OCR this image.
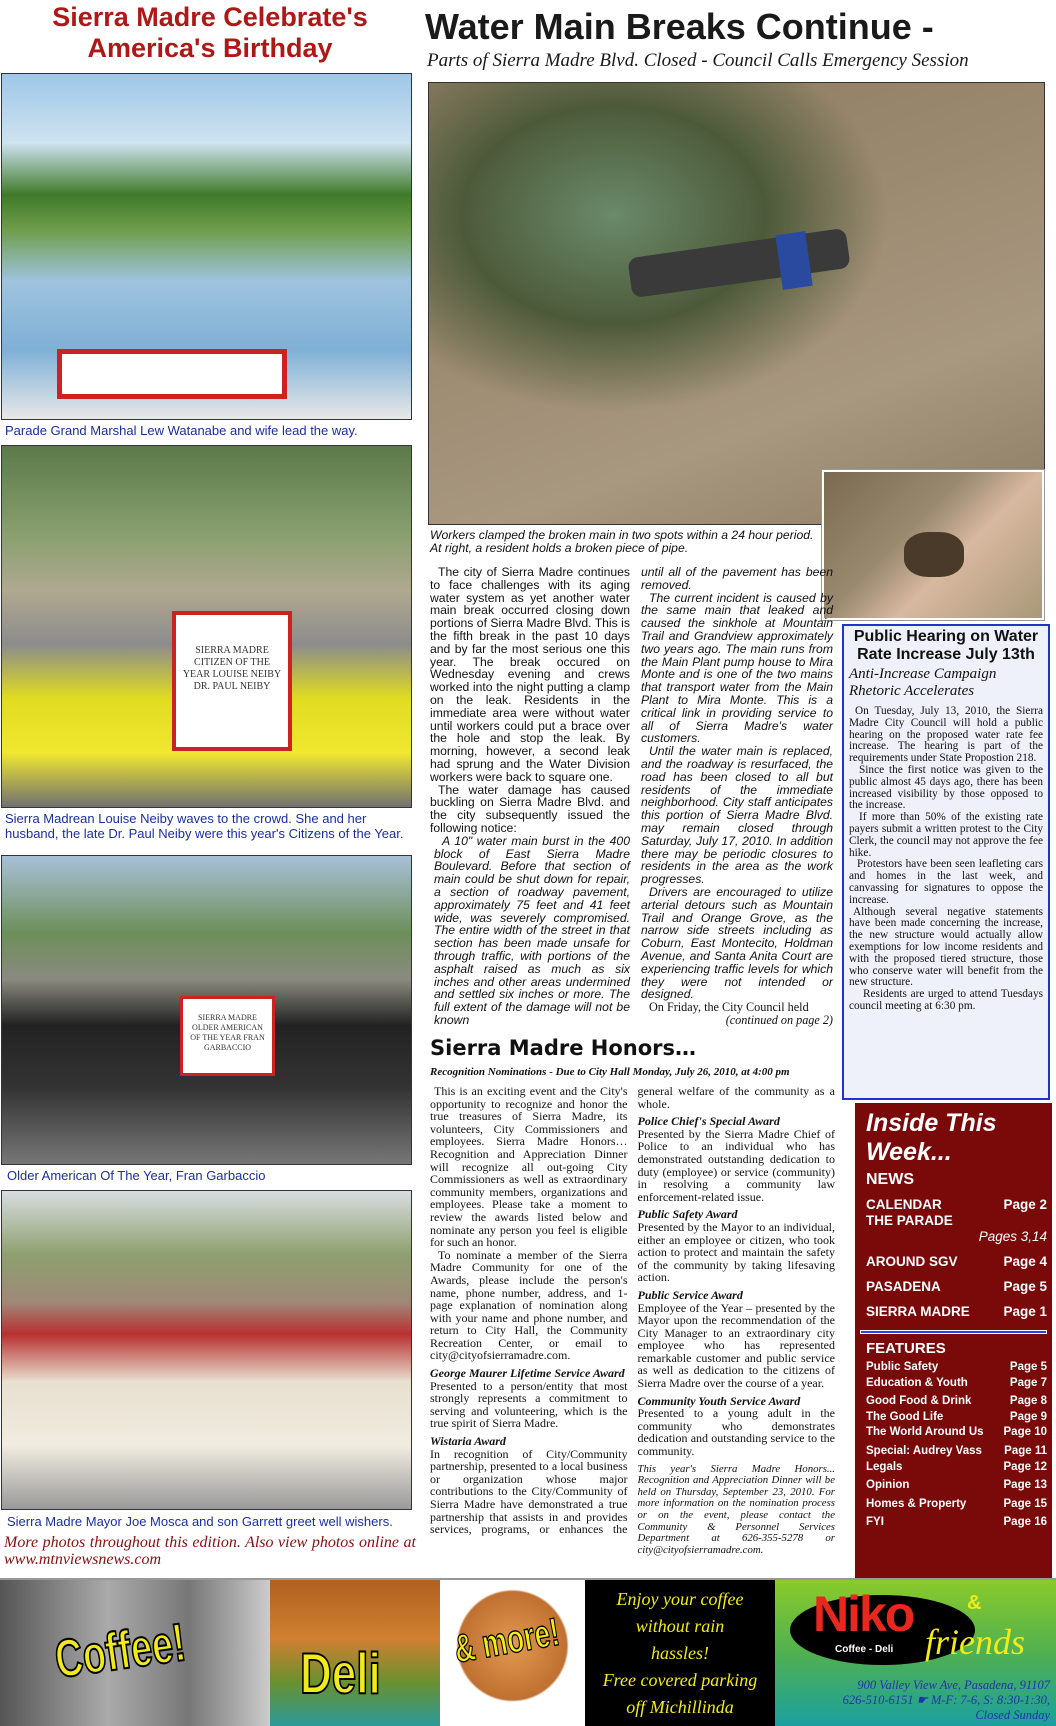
Sierra Madre Celebrate's America's Birthday
Parade Grand Marshal Lew Watanabe and wife lead the way.
SIERRA MADRE CITIZEN OF THE YEAR LOUISE NEIBY DR. PAUL NEIBY
Sierra Madrean Louise Neiby waves to the crowd. She and her husband, the late Dr. Paul Neiby were this year's Citizens of the Year.
SIERRA MADRE OLDER AMERICAN OF THE YEAR FRAN GARBACCIO
Older American Of The Year, Fran Garbaccio
Sierra Madre Mayor Joe Mosca and son Garrett greet well wishers.
More photos throughout this edition. Also view photos online at www.mtnviewsnews.com
Water Main Breaks Continue -
Parts of Sierra Madre Blvd. Closed - Council Calls Emergency Session
Workers clamped the broken main in two spots within a 24 hour period. At right, a resident holds a broken piece of pipe.

The city of Sierra Madre continues to face challenges with its aging water system as yet another water main break occurred closing down portions of Sierra Madre Blvd. This is the fifth break in the past 10 days and by far the most serious one this year. The break occured on Wednesday evening and crews worked into the night putting a clamp on the leak. Residents in the immediate area were without water until workers could put a brace over the hole and stop the leak. By morning, however, a second leak had sprung and the Water Division workers were back to square one.

The water damage has caused buckling on Sierra Madre Blvd. and the city subsequently issued the following notice:

A 10" water main burst in the 400 block of East Sierra Madre Boulevard. Before that section of main could be shut down for repair, a section of roadway pavement, approximately 75 feet and 41 feet wide, was severely compromised. The entire width of the street in that section has been made unsafe for through traffic, with portions of the asphalt raised as much as six inches and other areas undermined and settled six inches or more. The full extent of the damage will not be known

until all of the pavement has been removed.

The current incident is caused by the same main that leaked and caused the sinkhole at Mountain Trail and Grandview approximately two years ago. The main runs from the Main Plant pump house to Mira Monte and is one of the two mains that transport water from the Main Plant to Mira Monte. This is a critical link in providing service to all of Sierra Madre's water customers.

Until the water main is replaced, and the roadway is resurfaced, the road has been closed to all but residents of the immediate neighborhood. City staff anticipates this portion of Sierra Madre Blvd. may remain closed through Saturday, July 17, 2010. In addition there may be periodic closures to residents in the area as the work progresses.

Drivers are encouraged to utilize arterial detours such as Mountain Trail and Orange Grove, as the narrow side streets including as Coburn, East Montecito, Holdman Avenue, and Santa Anita Court are experiencing traffic levels for which they were not intended or designed.

On Friday, the City Council held

(continued on page 2)
Public Hearing on Water Rate Increase July 13th
Anti-Increase Campaign Rhetoric Accelerates

On Tuesday, July 13, 2010, the Sierra Madre City Council will hold a public hearing on the proposed water rate fee increase. The hearing is part of the requirements under State Propostion 218.

Since the first notice was given to the public almost 45 days ago, there has been increased visibility by those opposed to the increase.

If more than 50% of the existing rate payers submit a written protest to the City Clerk, the council may not approve the fee hike.

Protestors have been seen leafleting cars and homes in the last week, and canvassing for signatures to oppose the increase.

Although several negative statements have been made concerning the increase, the new structure would actually allow exemptions for low income residents and with the proposed tiered structure, those who conserve water will benefit from the new structure.

Residents are urged to attend Tuesdays council meeting at 6:30 pm.

Sierra Madre Honors…
Recognition Nominations - Due to City Hall Monday, July 26, 2010, at 4:00 pm

This is an exciting event and the City's opportunity to recognize and honor the true treasures of Sierra Madre, its volunteers, City Commissioners and employees. Sierra Madre Honors… Recognition and Appreciation Dinner will recognize all out-going City Commissioners as well as extraordinary community members, organizations and employees. Please take a moment to review the awards listed below and nominate any person you feel is eligible for such an honor.

To nominate a member of the Sierra Madre Community for one of the Awards, please include the person's name, phone number, address, and 1-page explanation of nomination along with your name and phone number, and return to City Hall, the Community Recreation Center, or email to city@cityofsierramadre.com.

George Maurer Lifetime Service Award

Presented to a person/entity that most strongly represents a commitment to serving and volunteering, which is the true spirit of Sierra Madre.

Wistaria Award

In recognition of City/Community partnership, presented to a local business or organization whose major contributions to the City/Community of Sierra Madre have demonstrated a true partnership that assists in and provides services, programs, or enhances the general welfare of the community as a whole.

Police Chief's Special Award

Presented by the Sierra Madre Chief of Police to an individual who has demonstrated outstanding dedication to duty (employee) or service (community) in resolving a community law enforcement-related issue.

Public Safety Award

Presented by the Mayor to an individual, either an employee or citizen, who took action to protect and maintain the safety of the community by taking lifesaving action.

Public Service Award

Employee of the Year – presented by the Mayor upon the recommendation of the City Manager to an extraordinary city employee who has represented remarkable customer and public service as well as dedication to the citizens of Sierra Madre over the course of a year.

Community Youth Service Award

Presented to a young adult in the community who demonstrates dedication and outstanding service to the community.

This year's Sierra Madre Honors... Recognition and Appreciation Dinner will be held on Thursday, September 23, 2010. For more information on the nomination process or on the event, please contact the Community & Personnel Services Department at 626-355-5278 or city@cityofsierramadre.com.

Inside This Week...
NEWS
CALENDAR	Page 2
THE PARADE
Pages 3,14
AROUND SGV	Page 4
PASADENA	Page 5
SIERRA MADRE Page 1
FEATURES
Public Safety	Page 5
Education & Youth	Page 7
Good Food & Drink	Page 8
The Good Life	Page 9
The World Around Us Page 10
Special: Audrey Vass Page 11
Legals	Page 12
Opinion	Page 13
Homes & Property	Page 15
FYI	Page 16
Coffee!	Deli
& more!
Enjoy your coffee
without rain
hassles!
Free covered parking
off Michillinda
Niko	&
friends
Coffee - Deli
900 Valley View Ave, Pasadena, 91107
626-510-6151 ☛ M-F: 7-6, S: 8:30-1:30,
Closed Sunday
